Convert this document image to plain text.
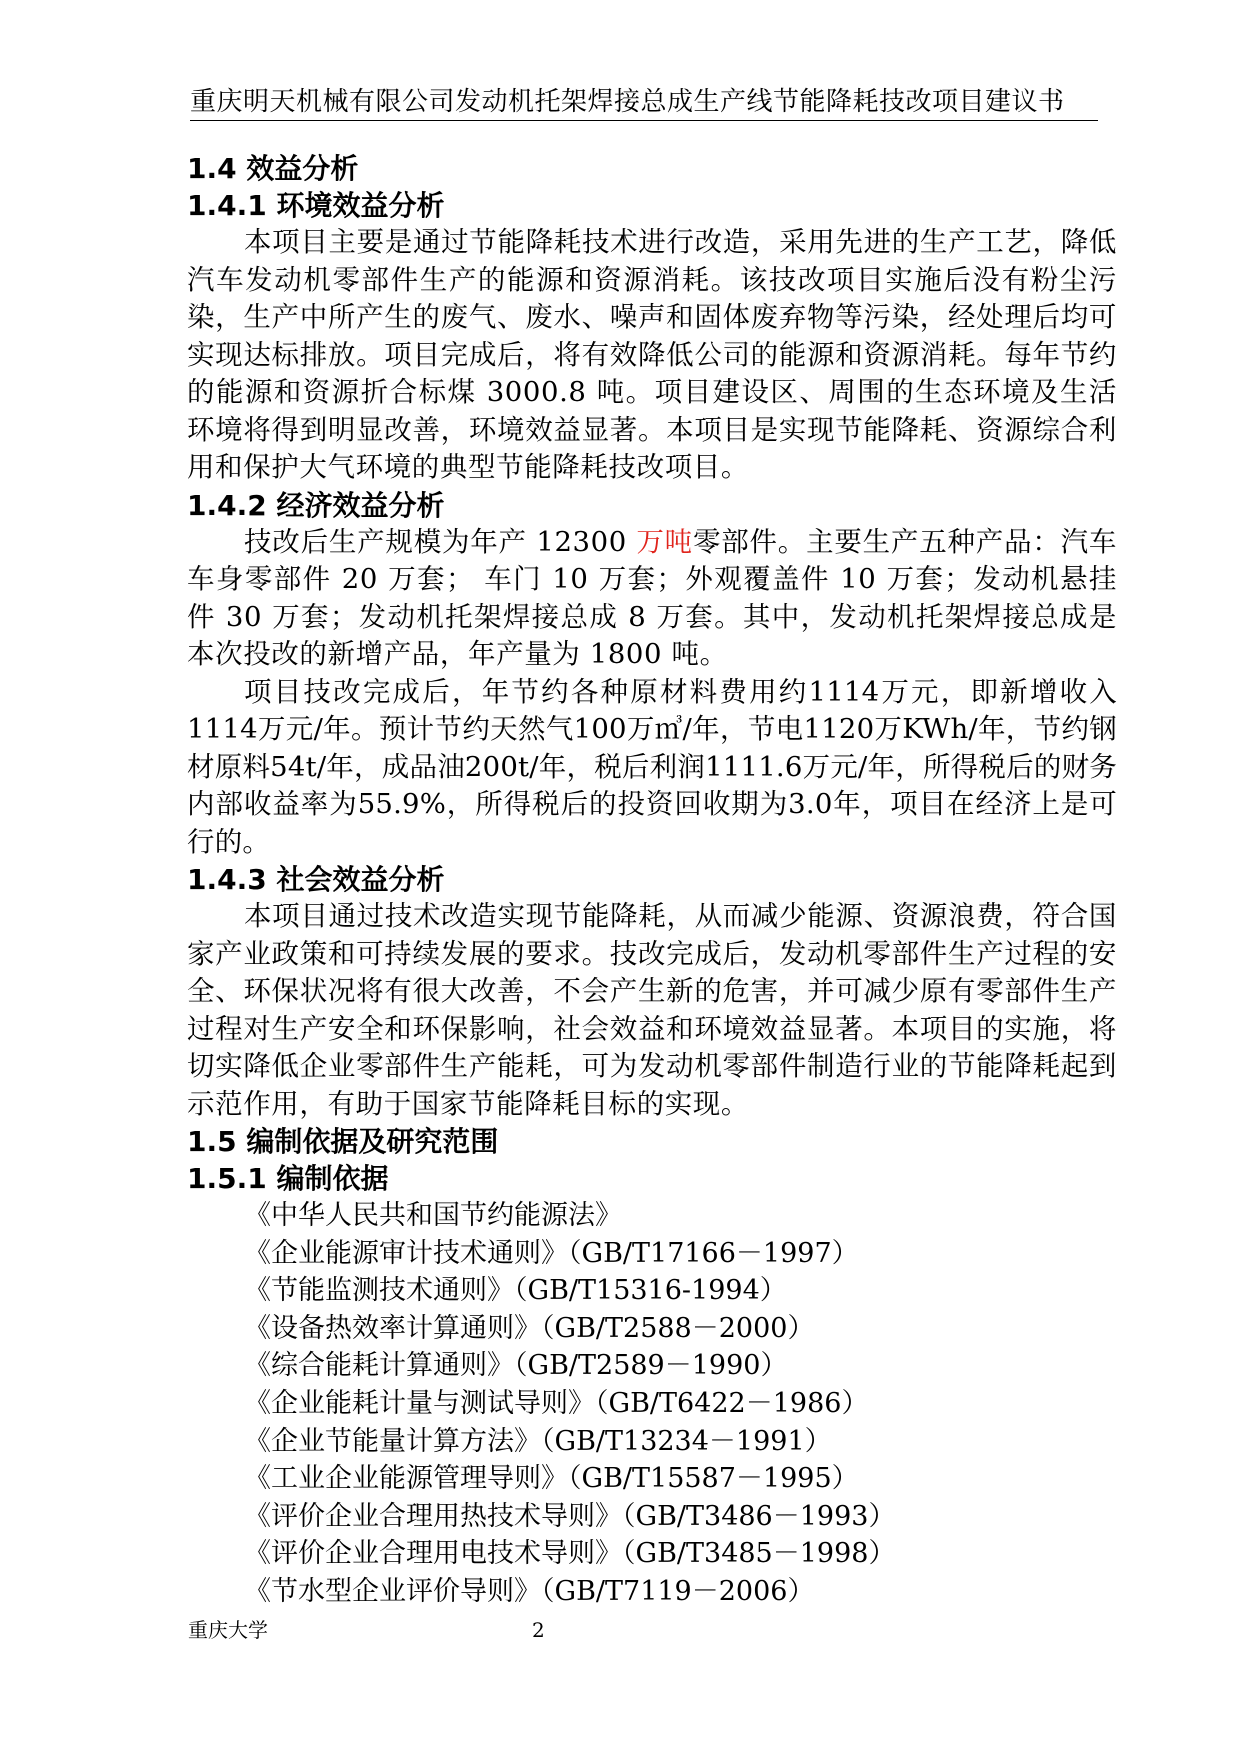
重庆明天机械有限公司发动机托架焊接总成生产线节能降耗技改项目建议书
1.4 效益分析
1.4.1 环境效益分析

本项目主要是通过节能降耗技术进行改造，采用先进的生产工艺，降低汽车发动机零部件生产的能源和资源消耗。该技改项目实施后没有粉尘污染，生产中所产生的废气、废水、噪声和固体废弃物等污染，经处理后均可实现达标排放。项目完成后，将有效降低公司的能源和资源消耗。每年节约的能源和资源折合标煤 3000.8 吨。项目建设区、周围的生态环境及生活环境将得到明显改善，环境效益显著。本项目是实现节能降耗、资源综合利用和保护大气环境的典型节能降耗技改项目。

1.4.2 经济效益分析

技改后生产规模为年产 12300 万吨零部件。主要生产五种产品：汽车车身零部件 20 万套； 车门 10 万套；外观覆盖件 10 万套；发动机悬挂件 30 万套；发动机托架焊接总成 8 万套。其中，发动机托架焊接总成是本次投改的新增产品，年产量为 1800 吨。

项目技改完成后，年节约各种原材料费用约1114万元，即新增收入1114万元/年。预计节约天然气100万㎥/年，节电1120万KWh/年，节约钢材原料54t/年，成品油200t/年，税后利润1111.6万元/年，所得税后的财务内部收益率为55.9%，所得税后的投资回收期为3.0年，项目在经济上是可行的。

1.4.3 社会效益分析

本项目通过技术改造实现节能降耗，从而减少能源、资源浪费，符合国家产业政策和可持续发展的要求。技改完成后，发动机零部件生产过程的安全、环保状况将有很大改善，不会产生新的危害，并可减少原有零部件生产过程对生产安全和环保影响，社会效益和环境效益显著。本项目的实施，将切实降低企业零部件生产能耗，可为发动机零部件制造行业的节能降耗起到示范作用，有助于国家节能降耗目标的实现。

1.5 编制依据及研究范围
1.5.1 编制依据
《中华人民共和国节约能源法》
《企业能源审计技术通则》（GB/T17166－1997）
《节能监测技术通则》（GB/T15316-1994）
《设备热效率计算通则》（GB/T2588－2000）
《综合能耗计算通则》（GB/T2589－1990）
《企业能耗计量与测试导则》（GB/T6422－1986）
《企业节能量计算方法》（GB/T13234－1991）
《工业企业能源管理导则》（GB/T15587－1995）
《评价企业合理用热技术导则》（GB/T3486－1993）
《评价企业合理用电技术导则》（GB/T3485－1998）
《节水型企业评价导则》（GB/T7119－2006）
重庆大学	2
